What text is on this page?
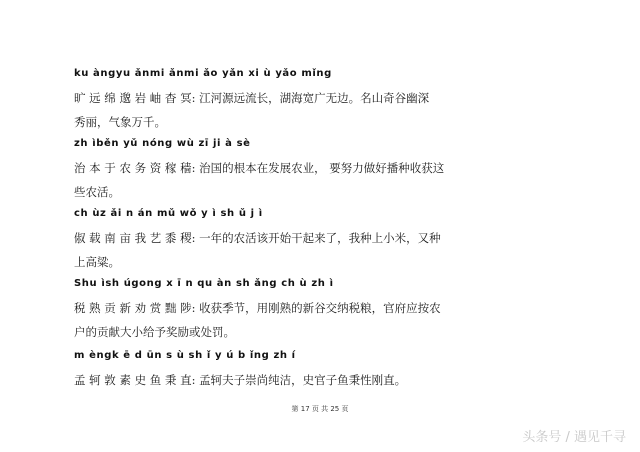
ku àngyu ǎnmi ǎnmi ǎo yǎn xi ù yǎo mǐng
旷 远 绵 邈 岩 岫 杳 冥: 江河源远流长，湖海宽广无边。名山奇谷幽深
秀丽，气象万千。
zh ìběn yǔ nóng wù zī ji à sè
治 本 于 农 务 资 稼 穑: 治国的根本在发展农业， 要努力做好播种收获这
些农活。
ch ùz ǎi n án mǔ wǒ y ì sh ǔ j ì
俶 载 南 亩 我 艺 黍 稷: 一年的农活该开始干起来了，我种上小米，又种
上高粱。
Shu ìsh úgong x ī n qu àn sh ǎng ch ù zh ì
税 熟 贡 新 劝 赏 黜 陟: 收获季节，用刚熟的新谷交纳税粮，官府应按农
户的贡献大小给予奖励或处罚。
m èngk ē d ūn s ù sh ǐ y ú b ǐng zh í
孟 轲 敦 素 史 鱼 秉 直: 孟轲夫子崇尚纯洁，史官子鱼秉性刚直。
第 17 页 共 25 页
头条号 / 遇见千寻
